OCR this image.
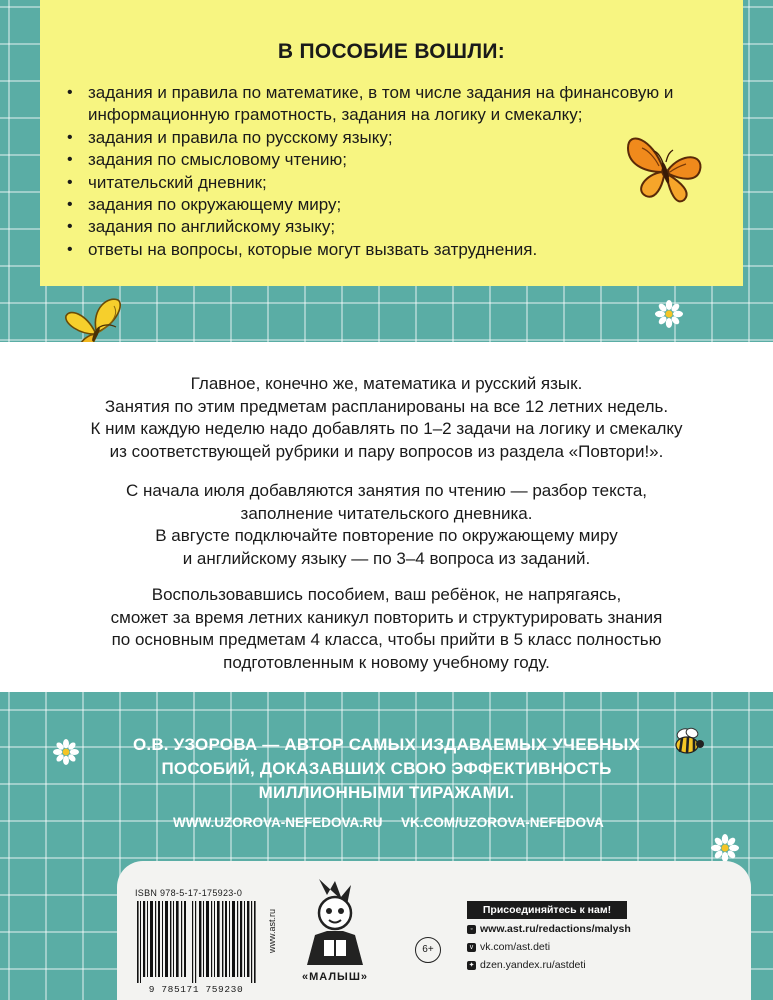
В ПОСОБИЕ ВОШЛИ:
• задания и правила по математике, в том числе задания на финансовую и информационную грамотность, задания на логику и смекалку;
• задания и правила по русскому языку;
• задания по смысловому чтению;
• читательский дневник;
• задания по окружающему миру;
• задания по английскому языку;
• ответы на вопросы, которые могут вызвать затруднения.

Главное, конечно же, математика и русский язык.
Занятия по этим предметам распланированы на все 12 летних недель.
К ним каждую неделю надо добавлять по 1–2 задачи на логику и смекалку
из соответствующей рубрики и пару вопросов из раздела «Повтори!».

С начала июля добавляются занятия по чтению — разбор текста,
заполнение читательского дневника.
В августе подключайте повторение по окружающему миру
и английскому языку — по 3–4 вопроса из заданий.

Воспользовавшись пособием, ваш ребёнок, не напрягаясь,
сможет за время летних каникул повторить и структурировать знания
по основным предметам 4 класса, чтобы прийти в 5 класс полностью
подготовленным к новому учебному году.

О.В. УЗОРОВА — АВТОР САМЫХ ИЗДАВАЕМЫХ УЧЕБНЫХ
ПОСОБИЙ, ДОКАЗАВШИХ СВОЮ ЭФФЕКТИВНОСТЬ
МИЛЛИОННЫМИ ТИРАЖАМИ.
WWW.UZOROVA-NEFEDOVA.RU VK.COM/UZOROVA-NEFEDOVA
ISBN 978-5-17-175923-0
9 785171 759230
www.ast.ru
«МАЛЫШ»
6+
Присоединяйтесь к нам!
◦ www.ast.ru/redactions/malysh
v vk.com/ast.deti
✦ dzen.yandex.ru/astdeti
